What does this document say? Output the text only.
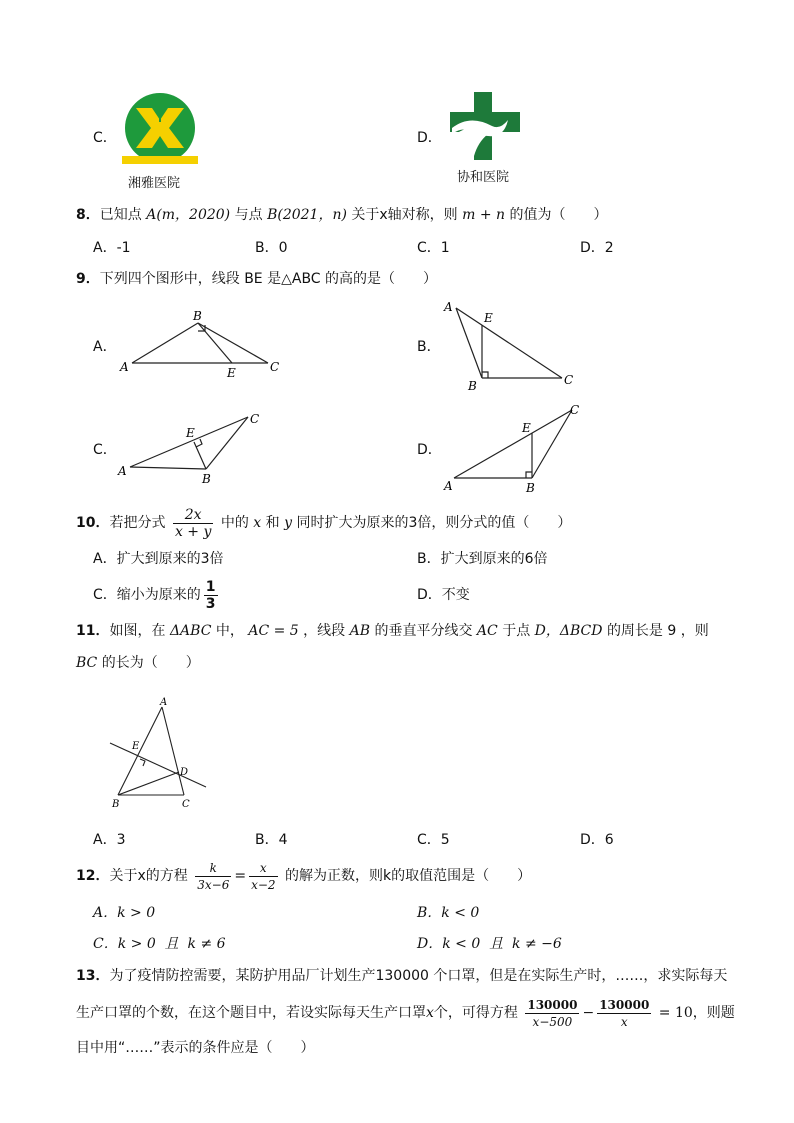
C．
湘雅医院
D．
协和医院
8．已知点 A(m，2020) 与点 B(2021，n) 关于x轴对称，则 m + n 的值为（　　）
A．-1	B．0	C．1	D．2
9．下列四个图形中，线段 BE 是△ABC 的高的是（　　）
A．
A
B
C
E
B．
A
E
B	C
C．
A
E
C
B
D．
A
E
C
B
10．若把分式 $\frac{2x}{x + y}$ 中的 x 和 y 同时扩大为原来的3倍，则分式的值（　　）
A．扩大到原来的3倍	B．扩大到原来的6倍
C．缩小为原来的 $\frac{1}{3}$	D．不变
11．如图，在 ΔABC 中， AC = 5 ，线段 AB 的垂直平分线交 AC 于点 D，ΔBCD 的周长是 9 ，则
BC 的长为（　　）
A
E
D
B	C
A．3	B．4	C．5	D．6
12．关于x的方程 $\frac{k}{3x-6} = \frac{x}{x-2}$ 的解为正数，则k的取值范围是（　　）
A．k > 0	B．k < 0
C．k > 0  且  k ≠ 6	D．k < 0  且  k ≠ −6
13．为了疫情防控需要，某防护用品厂计划生产130000 个口罩，但是在实际生产时，……，求实际每天
生产口罩的个数，在这个题目中，若设实际每天生产口罩x个，可得方程 $\frac{130000}{x-500} - \frac{130000}{x} = 10$，则题
目中用“……”表示的条件应是（　　）
